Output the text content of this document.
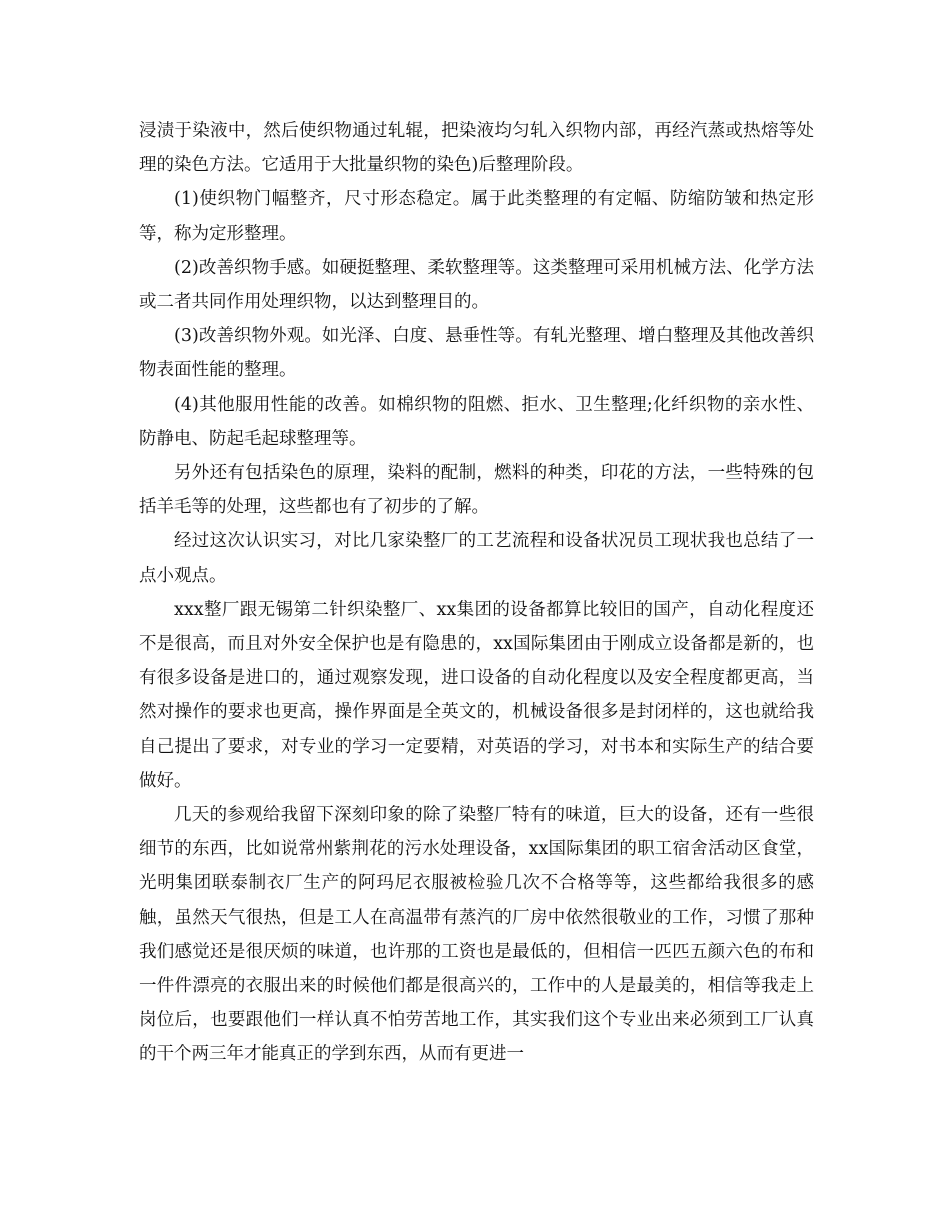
浸渍于染液中，然后使织物通过轧辊，把染液均匀轧入织物内部，再经汽蒸或热熔等处理的染色方法。它适用于大批量织物的染色)后整理阶段。

(1)使织物门幅整齐，尺寸形态稳定。属于此类整理的有定幅、防缩防皱和热定形等，称为定形整理。

(2)改善织物手感。如硬挺整理、柔软整理等。这类整理可采用机械方法、化学方法或二者共同作用处理织物，以达到整理目的。

(3)改善织物外观。如光泽、白度、悬垂性等。有轧光整理、增白整理及其他改善织物表面性能的整理。

(4)其他服用性能的改善。如棉织物的阻燃、拒水、卫生整理;化纤织物的亲水性、防静电、防起毛起球整理等。

另外还有包括染色的原理，染料的配制，燃料的种类，印花的方法，一些特殊的包括羊毛等的处理，这些都也有了初步的了解。

经过这次认识实习，对比几家染整厂的工艺流程和设备状况员工现状我也总结了一点小观点。

xxx整厂跟无锡第二针织染整厂、xx集团的设备都算比较旧的国产，自动化程度还不是很高，而且对外安全保护也是有隐患的，xx国际集团由于刚成立设备都是新的，也有很多设备是进口的，通过观察发现，进口设备的自动化程度以及安全程度都更高，当然对操作的要求也更高，操作界面是全英文的，机械设备很多是封闭样的，这也就给我自己提出了要求，对专业的学习一定要精，对英语的学习，对书本和实际生产的结合要做好。

几天的参观给我留下深刻印象的除了染整厂特有的味道，巨大的设备，还有一些很细节的东西，比如说常州紫荆花的污水处理设备，xx国际集团的职工宿舍活动区食堂，光明集团联泰制衣厂生产的阿玛尼衣服被检验几次不合格等等，这些都给我很多的感触，虽然天气很热，但是工人在高温带有蒸汽的厂房中依然很敬业的工作，习惯了那种我们感觉还是很厌烦的味道，也许那的工资也是最低的，但相信一匹匹五颜六色的布和一件件漂亮的衣服出来的时候他们都是很高兴的，工作中的人是最美的，相信等我走上岗位后，也要跟他们一样认真不怕劳苦地工作，其实我们这个专业出来必须到工厂认真的干个两三年才能真正的学到东西，从而有更进一
